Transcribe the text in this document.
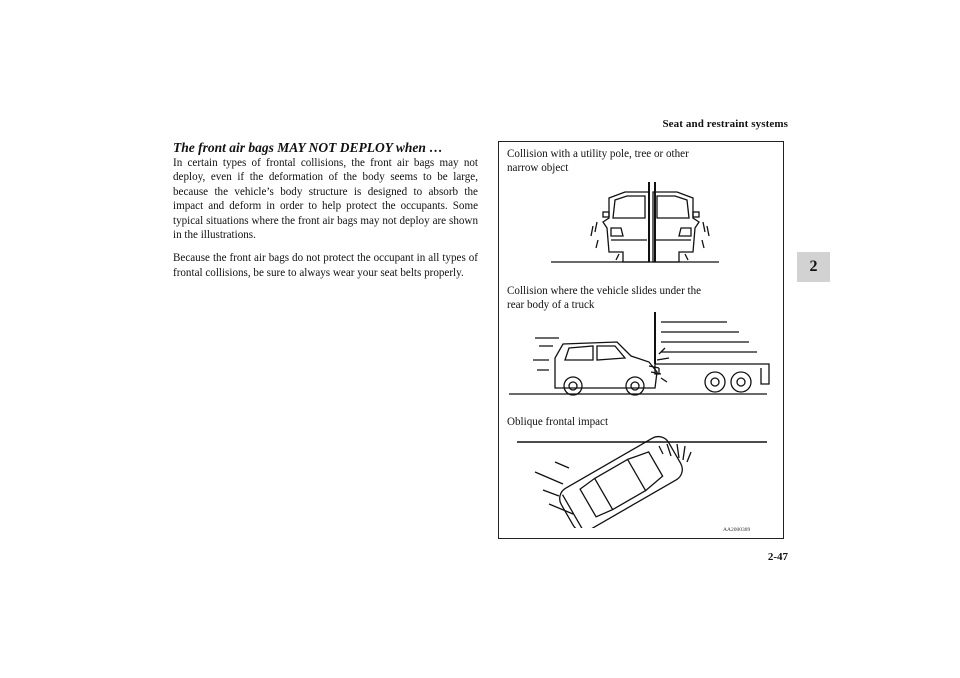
Seat and restraint systems
2
2-47

The front air bags MAY NOT DEPLOY when …

In certain types of frontal collisions, the front air bags may not deploy, even if the deformation of the body seems to be large, because the vehicle’s body structure is designed to absorb the impact and deform in order to help protect the occupants. Some typical situations where the front air bags may not deploy are shown in the illustrations.

Because the front air bags do not protect the occupant in all types of frontal collisions, be sure to always wear your seat belts properly.

Collision with a utility pole, tree or other narrow object
Collision where the vehicle slides under the rear body of a truck
Oblique frontal impact
AA2000389
